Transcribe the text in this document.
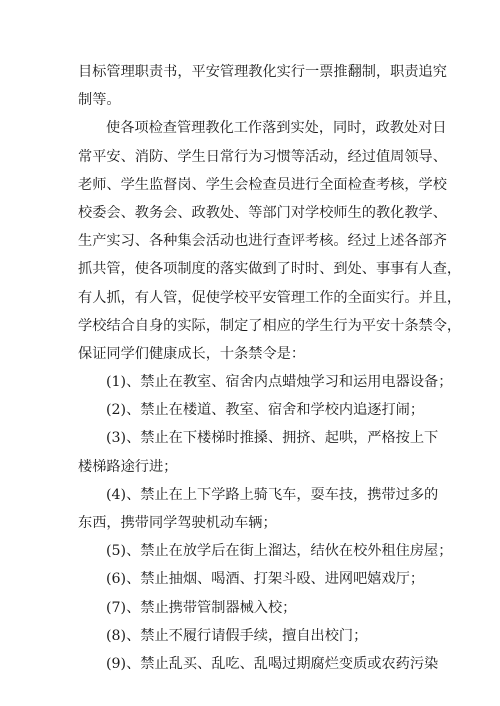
目标管理职责书，平安管理教化实行一票推翻制，职责追究
制等。
使各项检查管理教化工作落到实处，同时，政教处对日
常平安、消防、学生日常行为习惯等活动，经过值周领导、
老师、学生监督岗、学生会检查员进行全面检查考核，学校
校委会、教务会、政教处、等部门对学校师生的教化教学、
生产实习、各种集会活动也进行查评考核。经过上述各部齐
抓共管，使各项制度的落实做到了时时、到处、事事有人查，
有人抓，有人管，促使学校平安管理工作的全面实行。并且，
学校结合自身的实际，制定了相应的学生行为平安十条禁令，
保证同学们健康成长，十条禁令是：
(1)、禁止在教室、宿舍内点蜡烛学习和运用电器设备；
(2)、禁止在楼道、教室、宿舍和学校内追逐打闹；
(3)、禁止在下楼梯时推搡、拥挤、起哄，严格按上下
楼梯路途行进；
(4)、禁止在上下学路上骑飞车，耍车技，携带过多的
东西，携带同学驾驶机动车辆；
(5)、禁止在放学后在街上溜达，结伙在校外租住房屋；
(6)、禁止抽烟、喝酒、打架斗殴、进网吧嬉戏厅；
(7)、禁止携带管制器械入校；
(8)、禁止不履行请假手续，擅自出校门；
(9)、禁止乱买、乱吃、乱喝过期腐烂变质或农药污染
